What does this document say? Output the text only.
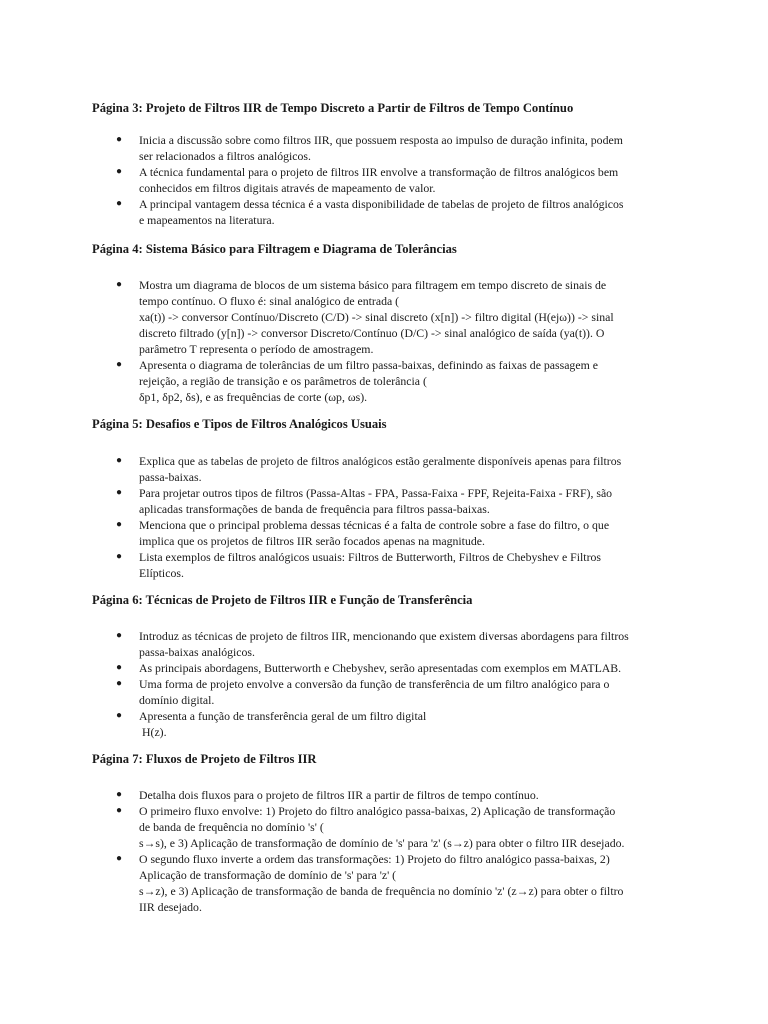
Página 3: Projeto de Filtros IIR de Tempo Discreto a Partir de Filtros de Tempo Contínuo
● Inicia a discussão sobre como filtros IIR, que possuem resposta ao impulso de duração infinita, podem
ser relacionados a filtros analógicos.
● A técnica fundamental para o projeto de filtros IIR envolve a transformação de filtros analógicos bem
conhecidos em filtros digitais através de mapeamento de valor.
● A principal vantagem dessa técnica é a vasta disponibilidade de tabelas de projeto de filtros analógicos
e mapeamentos na literatura.
Página 4: Sistema Básico para Filtragem e Diagrama de Tolerâncias
● Mostra um diagrama de blocos de um sistema básico para filtragem em tempo discreto de sinais de
tempo contínuo. O fluxo é: sinal analógico de entrada (
xa(t)) -> conversor Contínuo/Discreto (C/D) -> sinal discreto (x[n]) -> filtro digital (H(ejω)) -> sinal
discreto filtrado (y[n]) -> conversor Discreto/Contínuo (D/C) -> sinal analógico de saída (ya(t)). O
parâmetro T representa o período de amostragem.
● Apresenta o diagrama de tolerâncias de um filtro passa-baixas, definindo as faixas de passagem e
rejeição, a região de transição e os parâmetros de tolerância (
δp1, δp2, δs), e as frequências de corte (ωp, ωs).
Página 5: Desafios e Tipos de Filtros Analógicos Usuais
● Explica que as tabelas de projeto de filtros analógicos estão geralmente disponíveis apenas para filtros
passa-baixas.
● Para projetar outros tipos de filtros (Passa-Altas - FPA, Passa-Faixa - FPF, Rejeita-Faixa - FRF), são
aplicadas transformações de banda de frequência para filtros passa-baixas.
● Menciona que o principal problema dessas técnicas é a falta de controle sobre a fase do filtro, o que
implica que os projetos de filtros IIR serão focados apenas na magnitude.
● Lista exemplos de filtros analógicos usuais: Filtros de Butterworth, Filtros de Chebyshev e Filtros
Elípticos.
Página 6: Técnicas de Projeto de Filtros IIR e Função de Transferência
● Introduz as técnicas de projeto de filtros IIR, mencionando que existem diversas abordagens para filtros
passa-baixas analógicos.
● As principais abordagens, Butterworth e Chebyshev, serão apresentadas com exemplos em MATLAB.
● Uma forma de projeto envolve a conversão da função de transferência de um filtro analógico para o
domínio digital.
● Apresenta a função de transferência geral de um filtro digital
H(z).
Página 7: Fluxos de Projeto de Filtros IIR
● Detalha dois fluxos para o projeto de filtros IIR a partir de filtros de tempo contínuo.
● O primeiro fluxo envolve: 1) Projeto do filtro analógico passa-baixas, 2) Aplicação de transformação
de banda de frequência no domínio 's' (
s→s), e 3) Aplicação de transformação de domínio de 's' para 'z' (s→z) para obter o filtro IIR desejado.
● O segundo fluxo inverte a ordem das transformações: 1) Projeto do filtro analógico passa-baixas, 2)
Aplicação de transformação de domínio de 's' para 'z' (
s→z), e 3) Aplicação de transformação de banda de frequência no domínio 'z' (z→z) para obter o filtro
IIR desejado.
